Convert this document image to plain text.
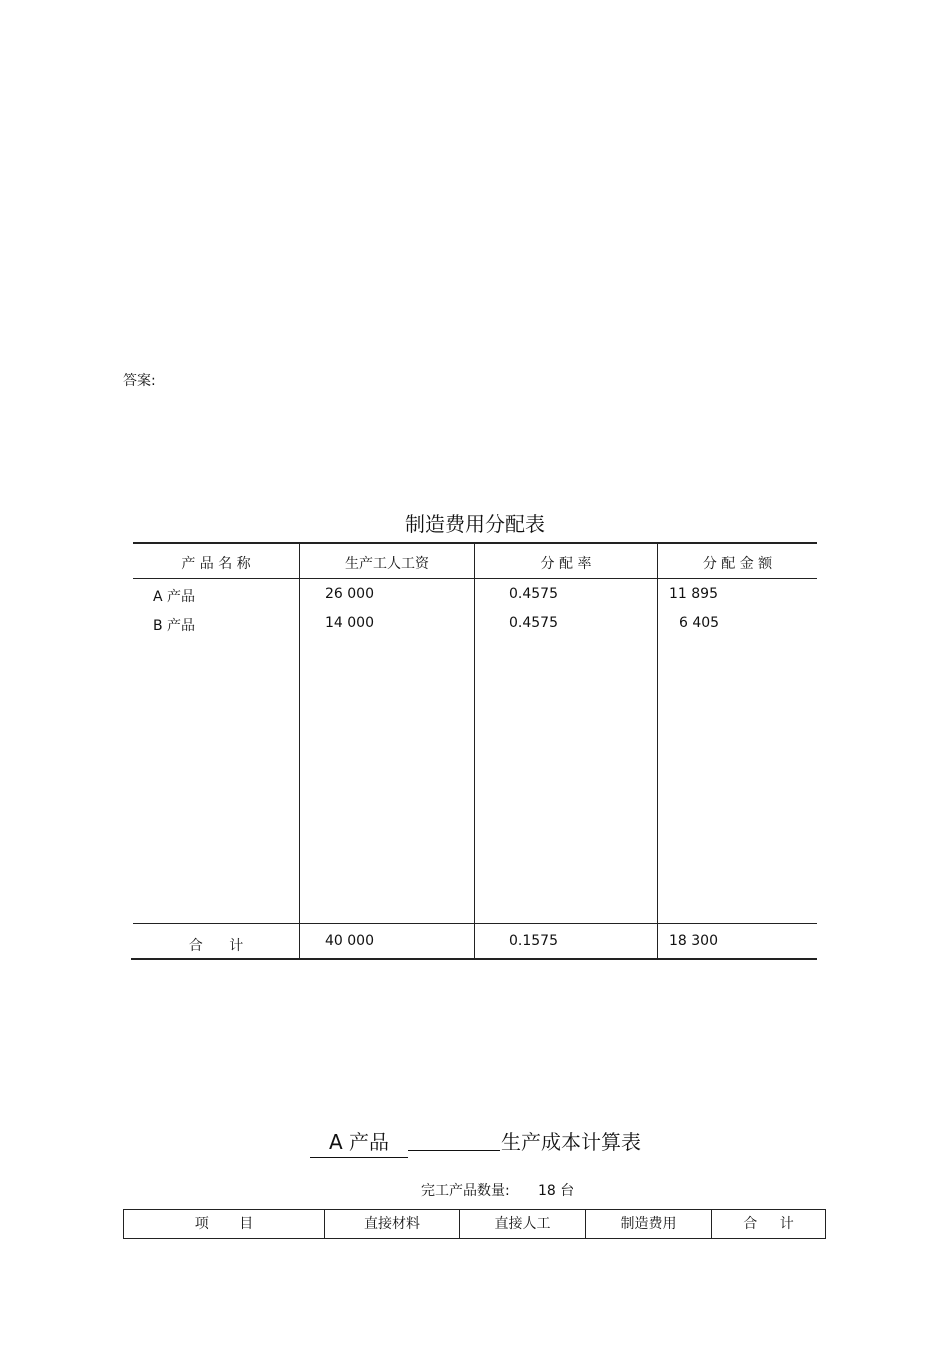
答案:
制造费用分配表
产 品 名 称	生产工人工资	分 配 率	分 配 金 额
A 产品	26 000	0.4575	11 895
B 产品	14 000	0.4575	6 405
合 计	40 000	0.1575	18 300
A 产品	生产成本计算表
完工产品数量: 18 台
项 目	直接材料	直接人工	制造费用	合 计
